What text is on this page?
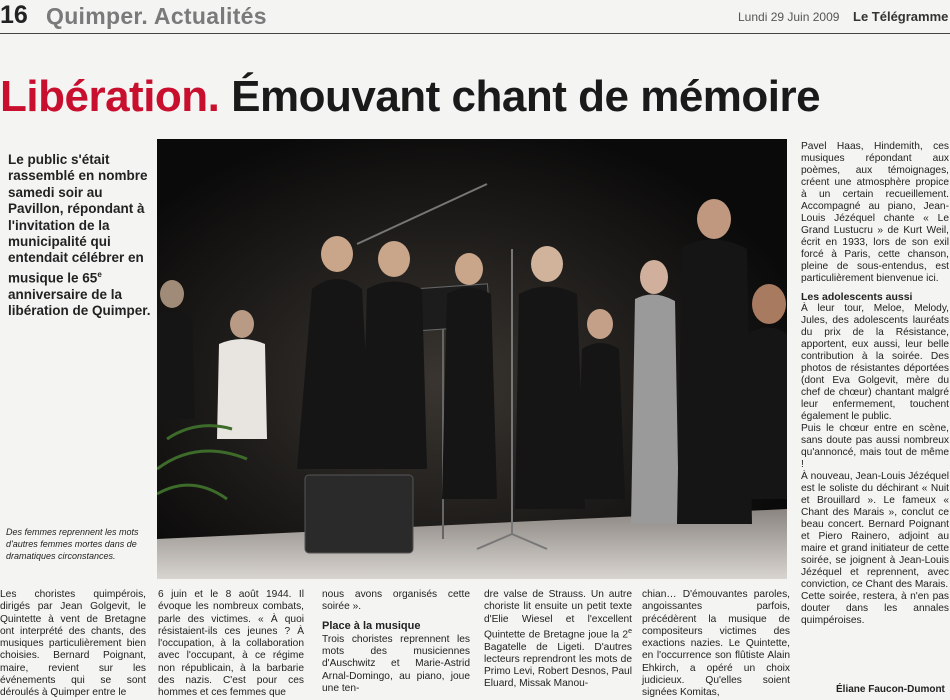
16 Quimper. Actualités	Lundi 29 Juin 2009 Le Télégramme
Libération. Émouvant chant de mémoire
Le public s'était rassemblé en nombre samedi soir au Pavillon, répondant à l'invitation de la municipalité qui entendait célébrer en musique le 65e anniversaire de la libération de Quimper.
Des femmes reprennent les mots d'autres femmes mortes dans de dramatiques circonstances.

Pavel Haas, Hindemith, ces musiques répondant aux poèmes, aux témoignages, créent une atmosphère propice à un certain recueillement. Accompagné au piano, Jean-Louis Jézéquel chante « Le Grand Lustucru » de Kurt Weil, écrit en 1933, lors de son exil forcé à Paris, cette chanson, pleine de sous-entendus, est particulièrement bienvenue ici.

Les adolescents aussi

À leur tour, Meloe, Melody, Jules, des adolescents lauréats du prix de la Résistance, apportent, eux aussi, leur belle contribution à la soirée. Des photos de résistantes déportées (dont Eva Golgevit, mère du chef de chœur) chantant malgré leur enfermement, touchent également le public.

Puis le chœur entre en scène, sans doute pas aussi nombreux qu'annoncé, mais tout de même !

À nouveau, Jean-Louis Jézéquel est le soliste du déchirant « Nuit et Brouillard ». Le fameux « Chant des Marais », conclut ce beau concert. Bernard Poignant et Piero Rainero, adjoint au maire et grand initiateur de cette soirée, se joignent à Jean-Louis Jézéquel et reprennent, avec conviction, ce Chant des Marais.

Cette soirée, restera, à n'en pas douter dans les annales quimpéroises.

Éliane Faucon-Dumont

Les choristes quimpérois, dirigés par Jean Golgevit, le Quintette à vent de Bretagne ont interprété des chants, des musiques particulièrement bien choisies. Bernard Poignant, maire, revient sur les événements qui se sont déroulés à Quimper entre le

6 juin et le 8 août 1944. Il évoque les nombreux combats, parle des victimes. « À quoi résistaient-ils ces jeunes ? À l'occupation, à la collaboration avec l'occupant, à ce régime non républicain, à la barbarie des nazis. C'est pour ces hommes et ces femmes que

nous avons organisés cette soirée ».

Place à la musique

Trois choristes reprennent les mots des musiciennes d'Auschwitz et Marie-Astrid Arnal-Domingo, au piano, joue une ten-

dre valse de Strauss. Un autre choriste lit ensuite un petit texte d'Elie Wiesel et l'excellent Quintette de Bretagne joue la 2e Bagatelle de Ligeti. D'autres lecteurs reprendront les mots de Primo Levi, Robert Desnos, Paul Eluard, Missak Manou-

chian… D'émouvantes paroles, angoissantes parfois, précédèrent la musique de compositeurs victimes des exactions nazies. Le Quintette, en l'occurrence son flûtiste Alain Ehkirch, a opéré un choix judicieux. Qu'elles soient signées Komitas,
